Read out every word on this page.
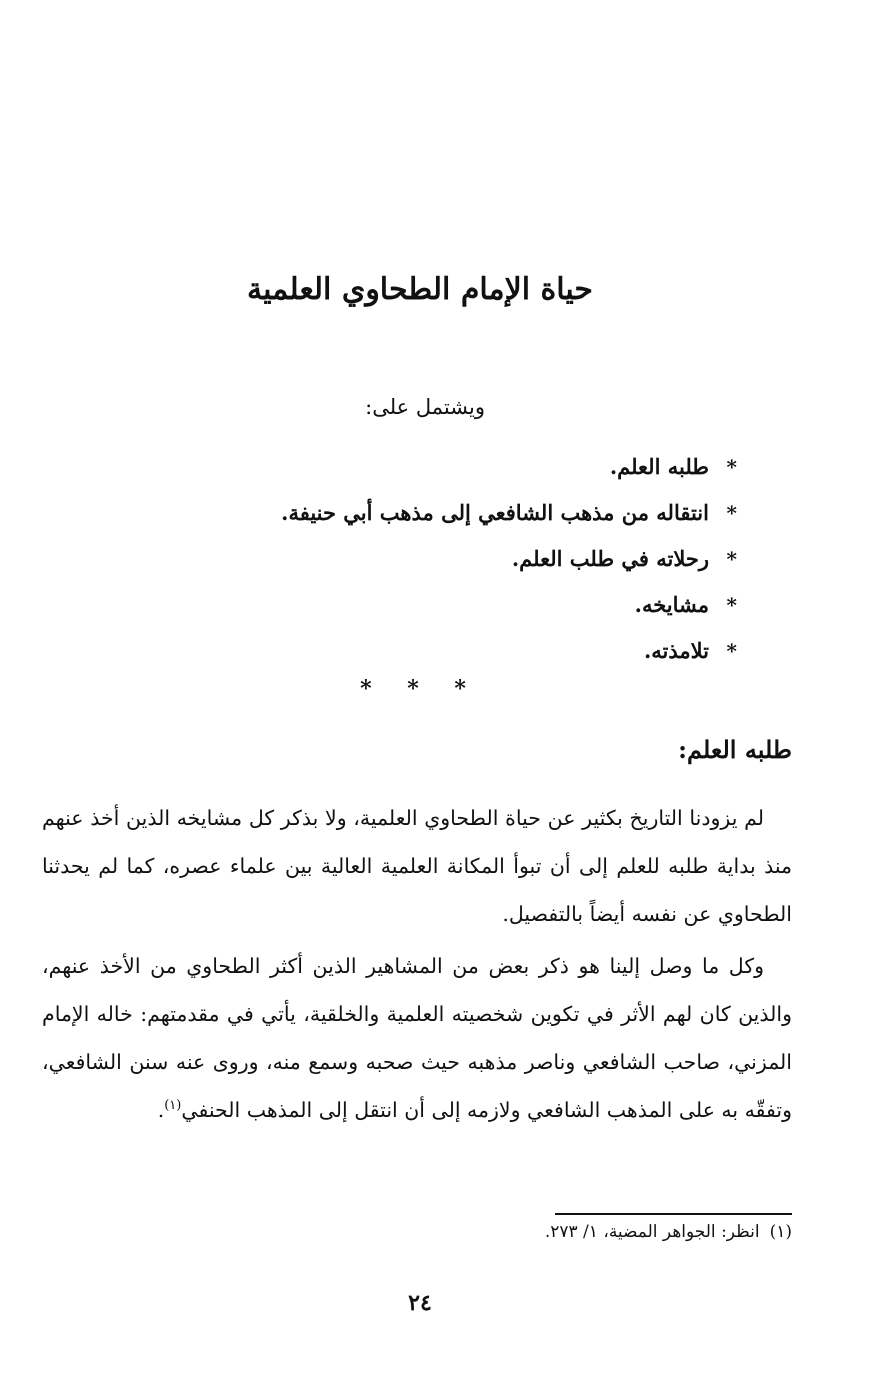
حياة الإمام الطحاوي العلمية

ويشتمل على:

*طلبه العلم.
*انتقاله من مذهب الشافعي إلى مذهب أبي حنيفة.
*رحلاته في طلب العلم.
*مشايخه.
*تلامذته.
* * *
طلبه العلم:

لم يزودنا التاريخ بكثير عن حياة الطحاوي العلمية، ولا بذكر كل مشايخه الذين أخذ عنهم منذ بداية طلبه للعلم إلى أن تبوأ المكانة العلمية العالية بين علماء عصره، كما لم يحدثنا الطحاوي عن نفسه أيضاً بالتفصيل.

وكل ما وصل إلينا هو ذكر بعض من المشاهير الذين أكثر الطحاوي من الأخذ عنهم، والذين كان لهم الأثر في تكوين شخصيته العلمية والخلقية، يأتي في مقدمتهم: خاله الإمام المزني، صاحب الشافعي وناصر مذهبه حيث صحبه وسمع منه، وروى عنه سنن الشافعي، وتفقّه به على المذهب الشافعي ولازمه إلى أن انتقل إلى المذهب الحنفي$^{(١)}$.

(١)انظر: الجواهر المضية، ١/ ٢٧٣.

٢٤
